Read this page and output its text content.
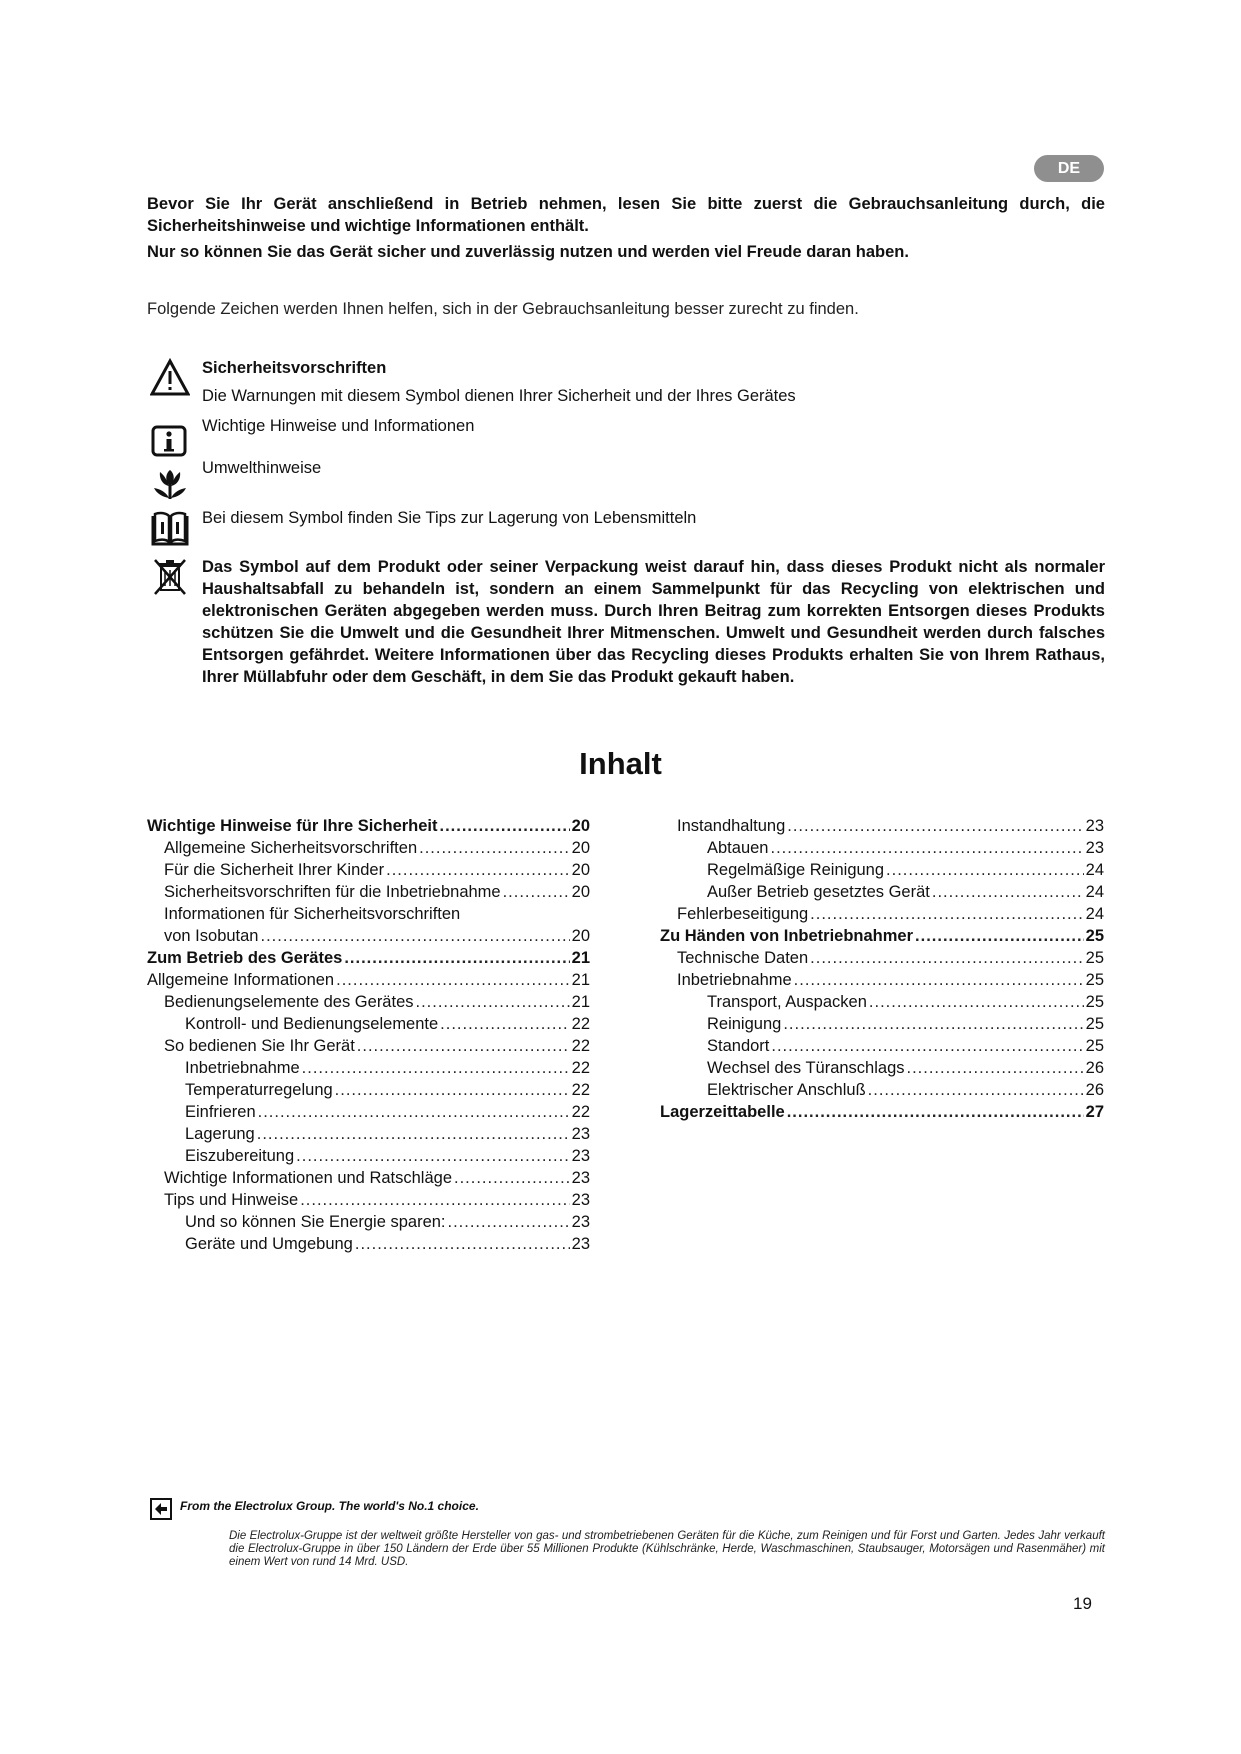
DE

Bevor Sie Ihr Gerät anschließend in Betrieb nehmen, lesen Sie bitte zuerst die Gebrauchsanleitung durch, die Sicherheitshinweise und wichtige Informationen enthält.

Nur so können Sie das Gerät sicher und zuverlässig nutzen und werden viel Freude daran haben.

Folgende Zeichen werden Ihnen helfen, sich in der Gebrauchsanleitung besser zurecht zu finden.
Sicherheitsvorschriften
Die Warnungen mit diesem Symbol dienen Ihrer Sicherheit und der Ihres Gerätes
Wichtige Hinweise und Informationen
Umwelthinweise
Bei diesem Symbol finden Sie Tips zur Lagerung von Lebensmitteln
Das Symbol auf dem Produkt oder seiner Verpackung weist darauf hin, dass dieses Produkt nicht als normaler Haushaltsabfall zu behandeln ist, sondern an einem Sammelpunkt für das Recycling von elektrischen und elektronischen Geräten abgegeben werden muss. Durch Ihren Beitrag zum korrekten Entsorgen dieses Produkts schützen Sie die Umwelt und die Gesundheit Ihrer Mitmenschen. Umwelt und Gesundheit werden durch falsches Entsorgen gefährdet. Weitere Informationen über das Recycling dieses Produkts erhalten Sie von Ihrem Rathaus, Ihrer Müllabfuhr oder dem Geschäft, in dem Sie das Produkt gekauft haben.
Inhalt
Wichtige Hinweise für Ihre Sicherheit .....	20
Allgemeine Sicherheitsvorschriften .....	20
Für die Sicherheit Ihrer Kinder .....	20
Sicherheitsvorschriften für die Inbetriebnahme .....	20
Informationen für Sicherheitsvorschriften
von Isobutan .....	20
Zum Betrieb des Gerätes .....	21
Allgemeine Informationen .....	21
Bedienungselemente des Gerätes .....	21
Kontroll- und Bedienungselemente .....	22
So bedienen Sie Ihr Gerät .....	22
Inbetriebnahme .....	22
Temperaturregelung .....	22
Einfrieren .....	22
Lagerung .....	23
Eiszubereitung .....	23
Wichtige Informationen und Ratschläge .....	23
Tips und Hinweise .....	23
Und so können Sie Energie sparen: .....	23
Geräte und Umgebung .....	23
Instandhaltung .....	23
Abtauen .....	23
Regelmäßige Reinigung .....	24
Außer Betrieb gesetztes Gerät .....	24
Fehlerbeseitigung .....	24
Zu Händen von Inbetriebnahmer .....	25
Technische Daten .....	25
Inbetriebnahme .....	25
Transport, Auspacken .....	25
Reinigung .....	25
Standort .....	25
Wechsel des Türanschlags .....	26
Elektrischer Anschluß .....	26
Lagerzeittabelle .....	27
From the Electrolux Group. The world's No.1 choice.
Die Electrolux-Gruppe ist der weltweit größte Hersteller von gas- und strombetriebenen Geräten für die Küche, zum Reinigen und für Forst und Garten. Jedes Jahr verkauft die Electrolux-Gruppe in über 150 Ländern der Erde über 55 Millionen Produkte (Kühlschränke, Herde, Waschmaschinen, Staubsauger, Motorsägen und Rasenmäher) mit einem Wert von rund 14 Mrd. USD.
19
